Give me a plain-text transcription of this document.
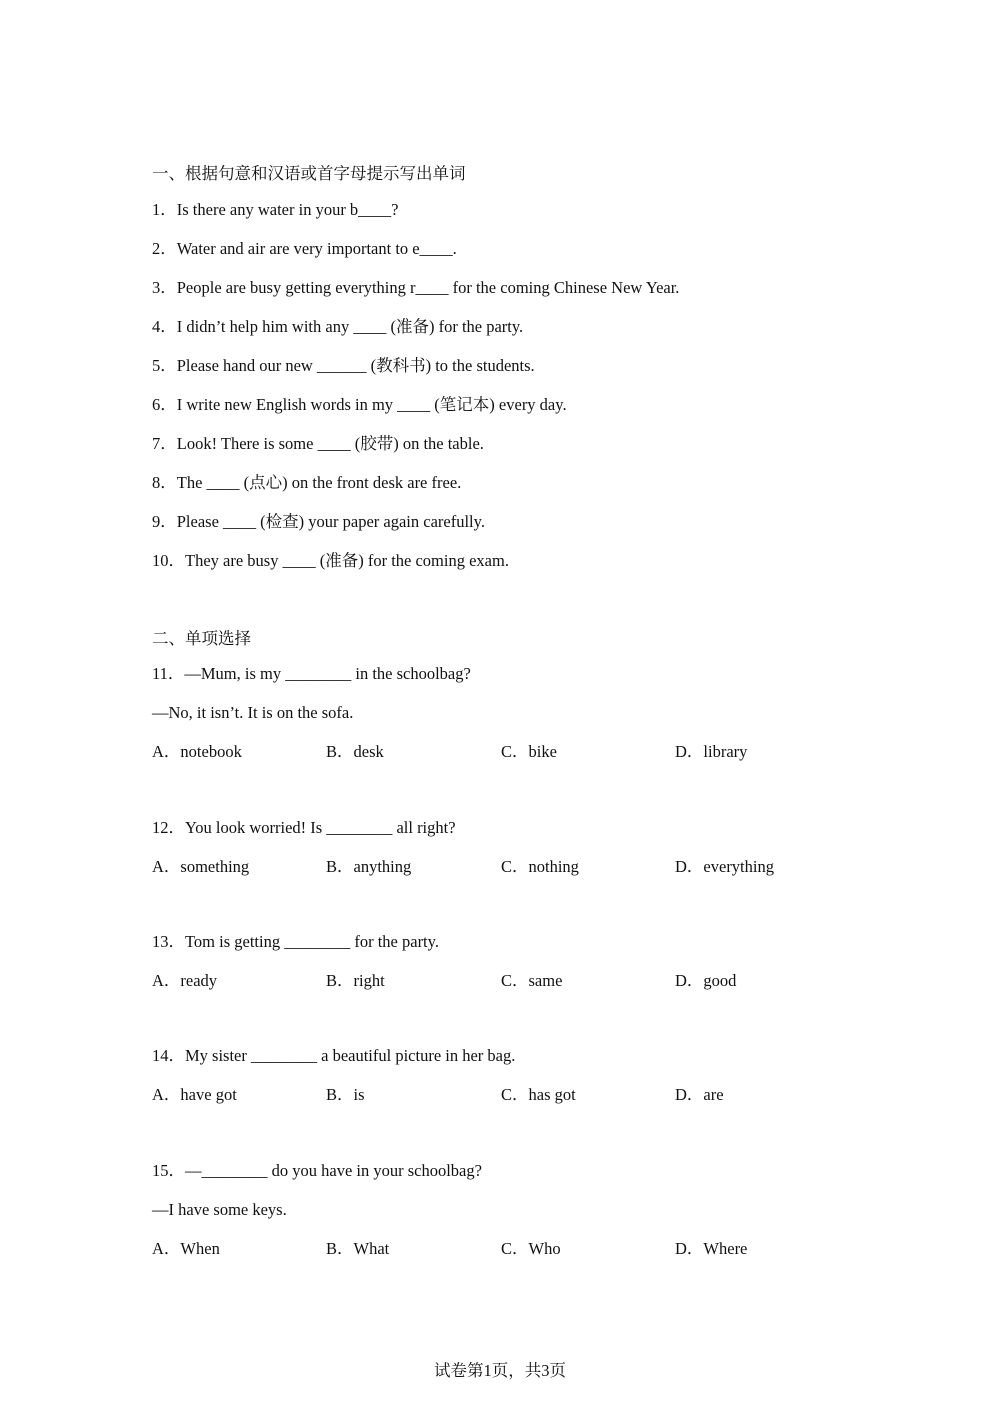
一、根据句意和汉语或首字母提示写出单词
1．Is there any water in your b____?
2．Water and air are very important to e____.
3．People are busy getting everything r____ for the coming Chinese New Year.
4．I didn’t help him with any ____ (准备) for the party.
5．Please hand our new ______ (教科书) to the students.
6．I write new English words in my ____ (笔记本) every day.
7．Look! There is some ____ (胶带) on the table.
8．The ____ (点心) on the front desk are free.
9．Please ____ (检查) your paper again carefully.
10．They are busy ____ (准备) for the coming exam.
二、单项选择
11．—Mum, is my ________ in the schoolbag?
—No, it isn’t. It is on the sofa.
A．notebook	B．desk	C．bike	D．library
12．You look worried! Is ________ all right?
A．something	B．anything	C．nothing	D．everything
13．Tom is getting ________ for the party.
A．ready	B．right	C．same	D．good
14．My sister ________ a beautiful picture in her bag.
A．have got	B．is	C．has got	D．are
15．—________ do you have in your schoolbag?
—I have some keys.
A．When	B．What	C．Who	D．Where
试卷第1页，共3页
